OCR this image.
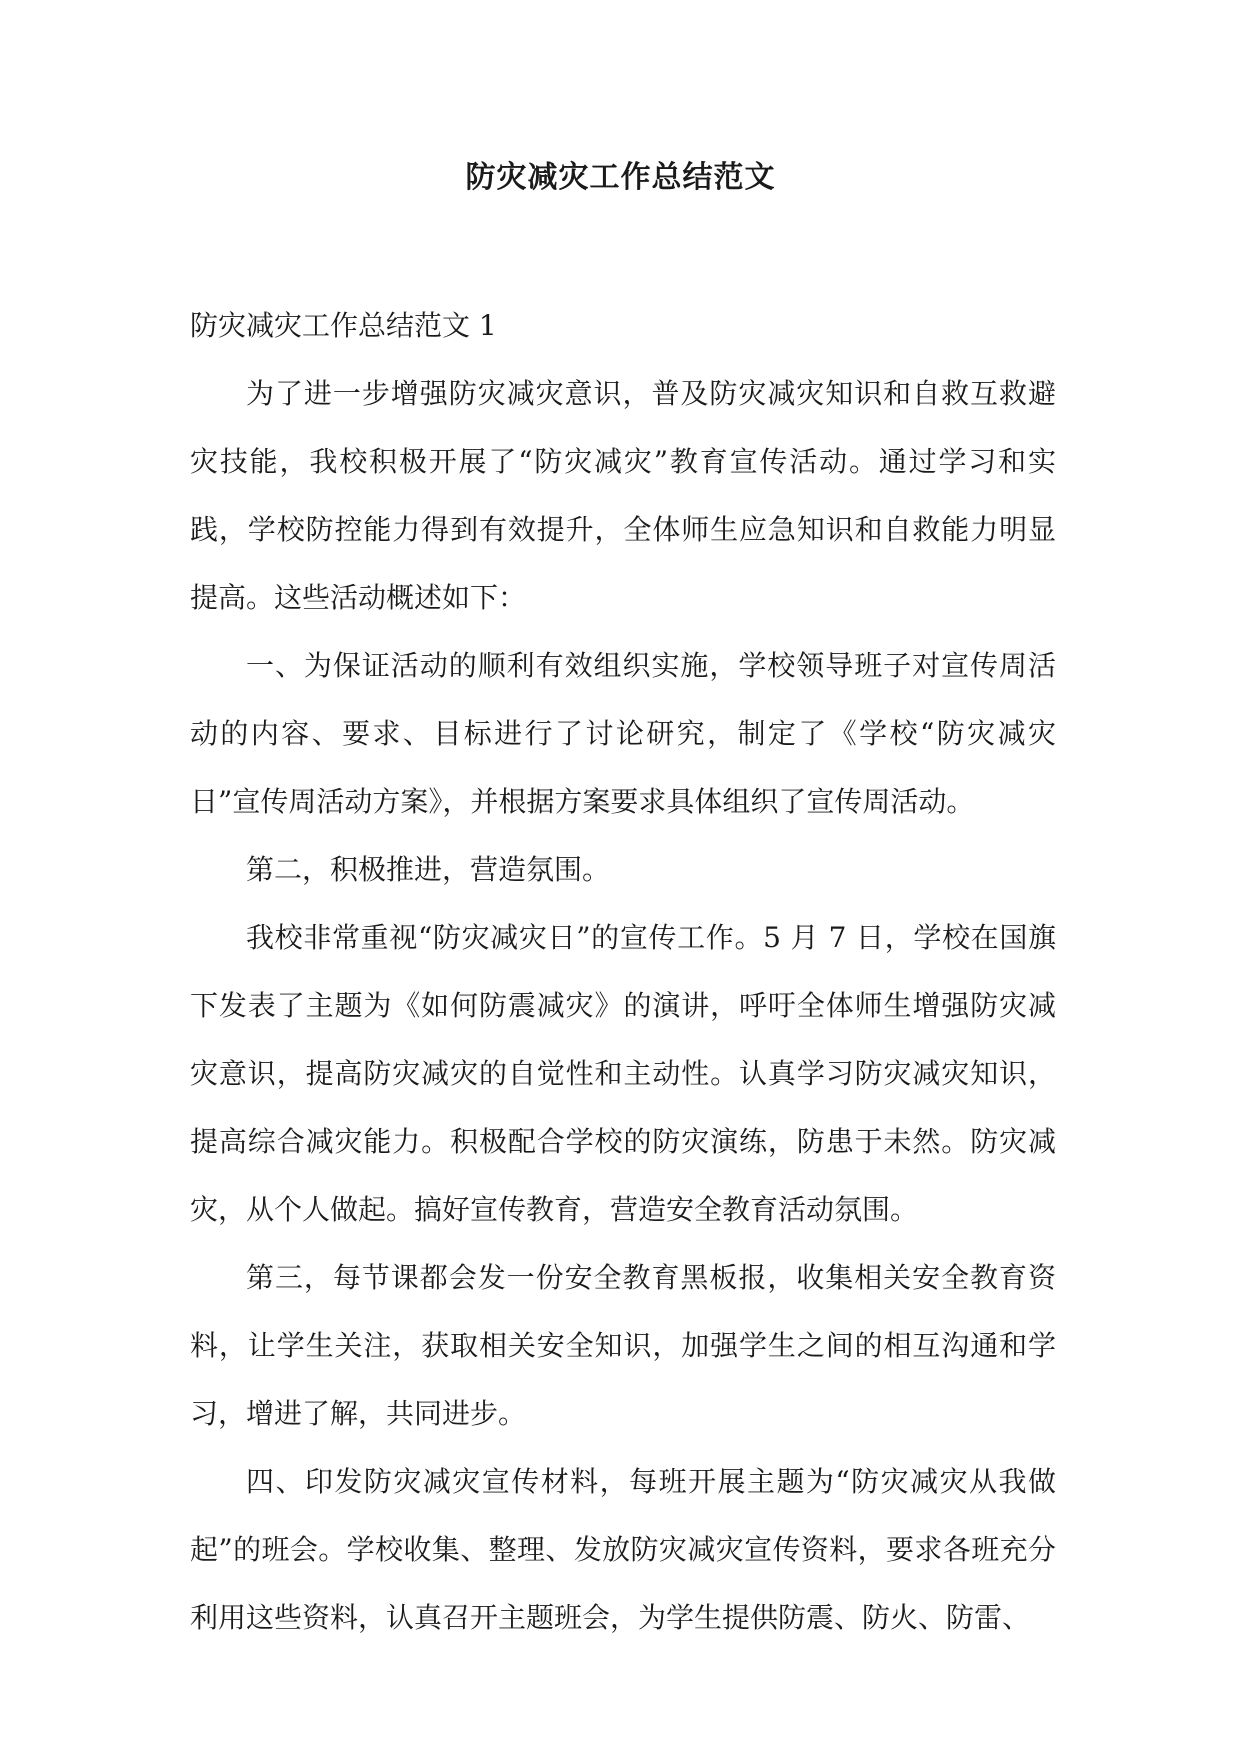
防灾减灾工作总结范文

防灾减灾工作总结范文 1

为了进一步增强防灾减灾意识，普及防灾减灾知识和自救互救避灾技能，我校积极开展了“防灾减灾”教育宣传活动。通过学习和实践，学校防控能力得到有效提升，全体师生应急知识和自救能力明显提高。这些活动概述如下：

一、为保证活动的顺利有效组织实施，学校领导班子对宣传周活动的内容、要求、目标进行了讨论研究，制定了《学校“防灾减灾日”宣传周活动方案》，并根据方案要求具体组织了宣传周活动。

第二，积极推进，营造氛围。

我校非常重视“防灾减灾日”的宣传工作。5 月 7 日，学校在国旗下发表了主题为《如何防震减灾》的演讲，呼吁全体师生增强防灾减灾意识，提高防灾减灾的自觉性和主动性。认真学习防灾减灾知识，提高综合减灾能力。积极配合学校的防灾演练，防患于未然。防灾减灾，从个人做起。搞好宣传教育，营造安全教育活动氛围。

第三，每节课都会发一份安全教育黑板报，收集相关安全教育资料，让学生关注，获取相关安全知识，加强学生之间的相互沟通和学习，增进了解，共同进步。

四、印发防灾减灾宣传材料，每班开展主题为“防灾减灾从我做起”的班会。学校收集、整理、发放防灾减灾宣传资料，要求各班充分利用这些资料，认真召开主题班会，为学生提供防震、防火、防雷、
